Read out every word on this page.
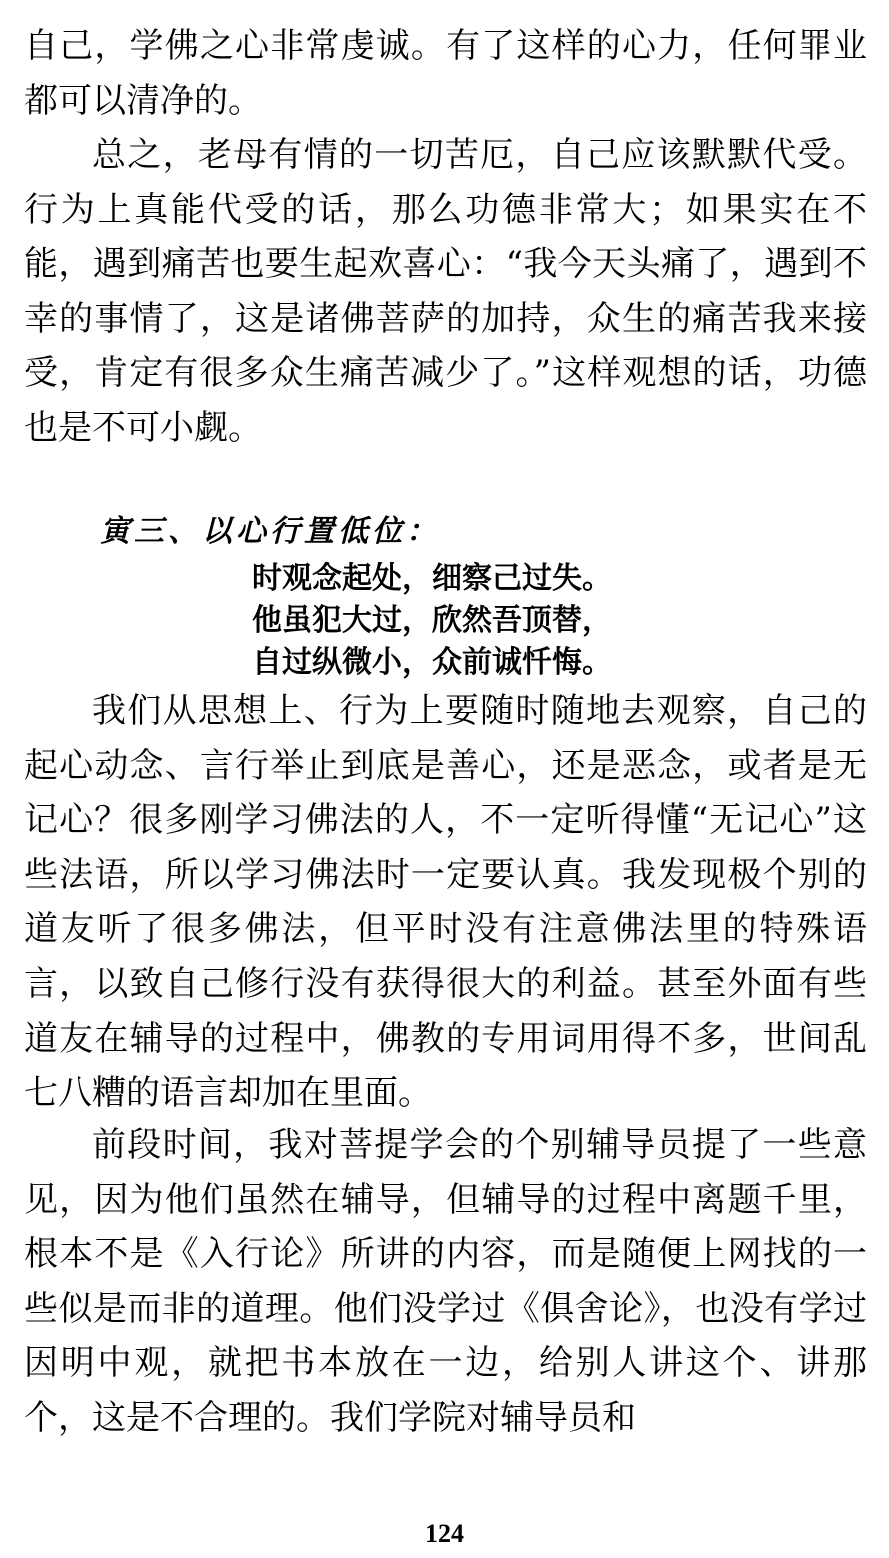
自己，学佛之心非常虔诚。有了这样的心力，任何罪业都可以清净的。

总之，老母有情的一切苦厄，自己应该默默代受。行为上真能代受的话，那么功德非常大；如果实在不能，遇到痛苦也要生起欢喜心：“我今天头痛了，遇到不幸的事情了，这是诸佛菩萨的加持，众生的痛苦我来接受，肯定有很多众生痛苦减少了。”这样观想的话，功德也是不可小觑。

寅三、以心行置低位：
时观念起处，细察己过失。
他虽犯大过，欣然吾顶替，
自过纵微小，众前诚忏悔。

我们从思想上、行为上要随时随地去观察，自己的起心动念、言行举止到底是善心，还是恶念，或者是无记心？很多刚学习佛法的人，不一定听得懂“无记心”这些法语，所以学习佛法时一定要认真。我发现极个别的道友听了很多佛法，但平时没有注意佛法里的特殊语言，以致自己修行没有获得很大的利益。甚至外面有些道友在辅导的过程中，佛教的专用词用得不多，世间乱七八糟的语言却加在里面。

前段时间，我对菩提学会的个别辅导员提了一些意见，因为他们虽然在辅导，但辅导的过程中离题千里，根本不是《入行论》所讲的内容，而是随便上网找的一些似是而非的道理。他们没学过《俱舍论》，也没有学过因明中观，就把书本放在一边，给别人讲这个、讲那个，这是不合理的。我们学院对辅导员和

124
